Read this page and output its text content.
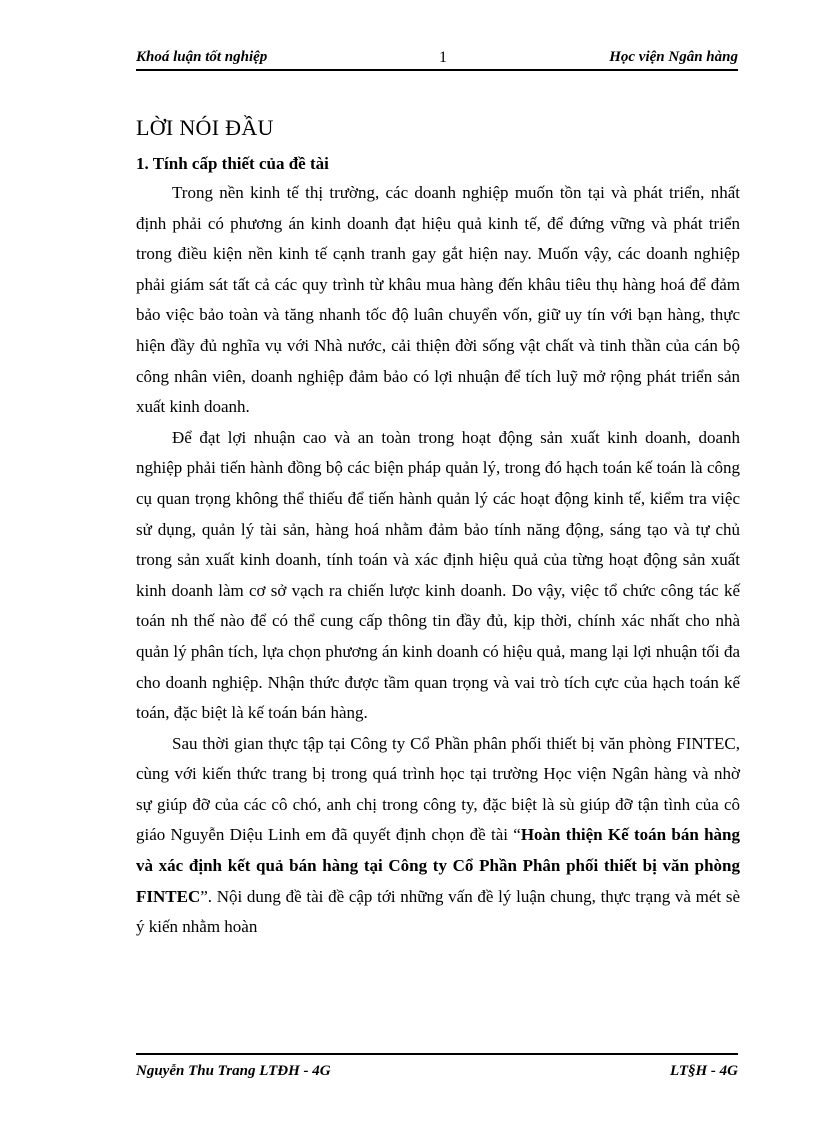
Khoá luận tốt nghiệp	1	Học viện Ngân hàng
LỜI NÓI ĐẦU
1. Tính cấp thiết của đề tài

Trong nền kinh tế thị trường, các doanh nghiệp muốn tồn tại và phát triển, nhất định phải có phương án kinh doanh đạt hiệu quả kinh tế, để đứng vững và phát triển trong điều kiện nền kinh tế cạnh tranh gay gắt hiện nay. Muốn vậy, các doanh nghiệp phải giám sát tất cả các quy trình từ khâu mua hàng đến khâu tiêu thụ hàng hoá để đảm bảo việc bảo toàn và tăng nhanh tốc độ luân chuyển vốn, giữ uy tín với bạn hàng, thực hiện đầy đủ nghĩa vụ với Nhà nước, cải thiện đời sống vật chất và tinh thần của cán bộ công nhân viên, doanh nghiệp đảm bảo có lợi nhuận để tích luỹ mở rộng phát triển sản xuất kinh doanh.

Để đạt lợi nhuận cao và an toàn trong hoạt động sản xuất kinh doanh, doanh nghiệp phải tiến hành đồng bộ các biện pháp quản lý, trong đó hạch toán kế toán là công cụ quan trọng không thể thiếu để tiến hành quản lý các hoạt động kinh tế, kiểm tra việc sử dụng, quản lý tài sản, hàng hoá nhằm đảm bảo tính năng động, sáng tạo và tự chủ trong sản xuất kinh doanh, tính toán và xác định hiệu quả của từng hoạt động sản xuất kinh doanh làm cơ sở vạch ra chiến lược kinh doanh. Do vậy, việc tổ chức công tác kế toán nh thế nào để có thể cung cấp thông tin đầy đủ, kịp thời, chính xác nhất cho nhà quản lý phân tích, lựa chọn phương án kinh doanh có hiệu quả, mang lại lợi nhuận tối đa cho doanh nghiệp. Nhận thức được tầm quan trọng và vai trò tích cực của hạch toán kế toán, đặc biệt là kế toán bán hàng.

Sau thời gian thực tập tại Công ty Cổ Phần phân phối thiết bị văn phòng FINTEC, cùng với kiến thức trang bị trong quá trình học tại trường Học viện Ngân hàng và nhờ sự giúp đỡ của các cô chó, anh chị trong công ty, đặc biệt là sù giúp đỡ tận tình của cô giáo Nguyễn Diệu Linh em đã quyết định chọn đề tài “Hoàn thiện Kế toán bán hàng và xác định kết quả bán hàng tại Công ty Cổ Phần Phân phối thiết bị văn phòng FINTEC”. Nội dung đề tài đề cập tới những vấn đề lý luận chung, thực trạng và mét sè ý kiến nhằm hoàn

Nguyễn Thu Trang LTĐH - 4G	LT§H - 4G
